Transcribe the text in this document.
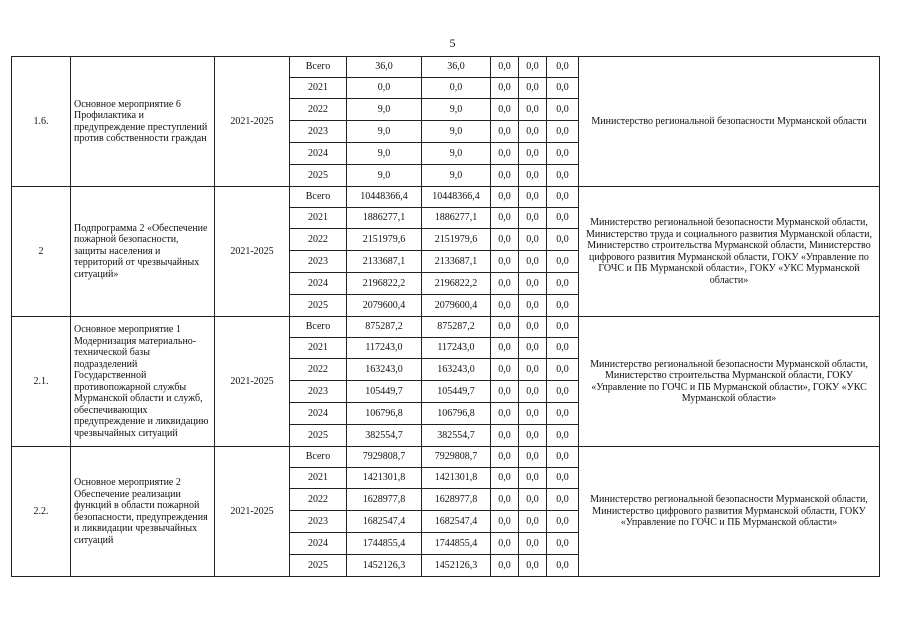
5
1.6.	Основное мероприятие 6 Профилактика и предупреждение преступлений против собственности граждан	2021-2025	Всего	36,0	36,0	0,0	0,0	0,0	Министерство региональной безопасности Мурманской области
			2021	0,0	0,0	0,0	0,0	0,0	
			2022	9,0	9,0	0,0	0,0	0,0	
			2023	9,0	9,0	0,0	0,0	0,0	
			2024	9,0	9,0	0,0	0,0	0,0	
			2025	9,0	9,0	0,0	0,0	0,0	
2	Подпрограмма 2 «Обеспечение пожарной безопасности, защиты населения и территорий от чрезвычайных ситуаций»	2021-2025	Всего	10448366,4	10448366,4	0,0	0,0	0,0	Министерство региональной безопасности Мурманской области, Министерство труда и социального развития Мурманской области, Министерство строительства Мурманской области, Министерство цифрового развития Мурманской области, ГОКУ «Управление по ГОЧС и ПБ Мурманской области», ГОКУ «УКС Мурманской области»
			2021	1886277,1	1886277,1	0,0	0,0	0,0	
			2022	2151979,6	2151979,6	0,0	0,0	0,0	
			2023	2133687,1	2133687,1	0,0	0,0	0,0	
			2024	2196822,2	2196822,2	0,0	0,0	0,0	
			2025	2079600,4	2079600,4	0,0	0,0	0,0	
2.1.	Основное мероприятие 1 Модернизация материально-технической базы подразделений Государственной противопожарной службы Мурманской области и служб, обеспечивающих предупреждение и ликвидацию чрезвычайных ситуаций	2021-2025	Всего	875287,2	875287,2	0,0	0,0	0,0	Министерство региональной безопасности Мурманской области, Министерство строительства Мурманской области, ГОКУ «Управление по ГОЧС и ПБ Мурманской области», ГОКУ «УКС Мурманской области»
			2021	117243,0	117243,0	0,0	0,0	0,0	
			2022	163243,0	163243,0	0,0	0,0	0,0	
			2023	105449,7	105449,7	0,0	0,0	0,0	
			2024	106796,8	106796,8	0,0	0,0	0,0	
			2025	382554,7	382554,7	0,0	0,0	0,0	
2.2.	Основное мероприятие 2 Обеспечение реализации функций в области пожарной безопасности, предупреждения и ликвидации чрезвычайных ситуаций	2021-2025	Всего	7929808,7	7929808,7	0,0	0,0	0,0	Министерство региональной безопасности Мурманской области, Министерство цифрового развития Мурманской области, ГОКУ «Управление по ГОЧС и ПБ Мурманской области»
			2021	1421301,8	1421301,8	0,0	0,0	0,0	
			2022	1628977,8	1628977,8	0,0	0,0	0,0	
			2023	1682547,4	1682547,4	0,0	0,0	0,0	
			2024	1744855,4	1744855,4	0,0	0,0	0,0	
			2025	1452126,3	1452126,3	0,0	0,0	0,0	
